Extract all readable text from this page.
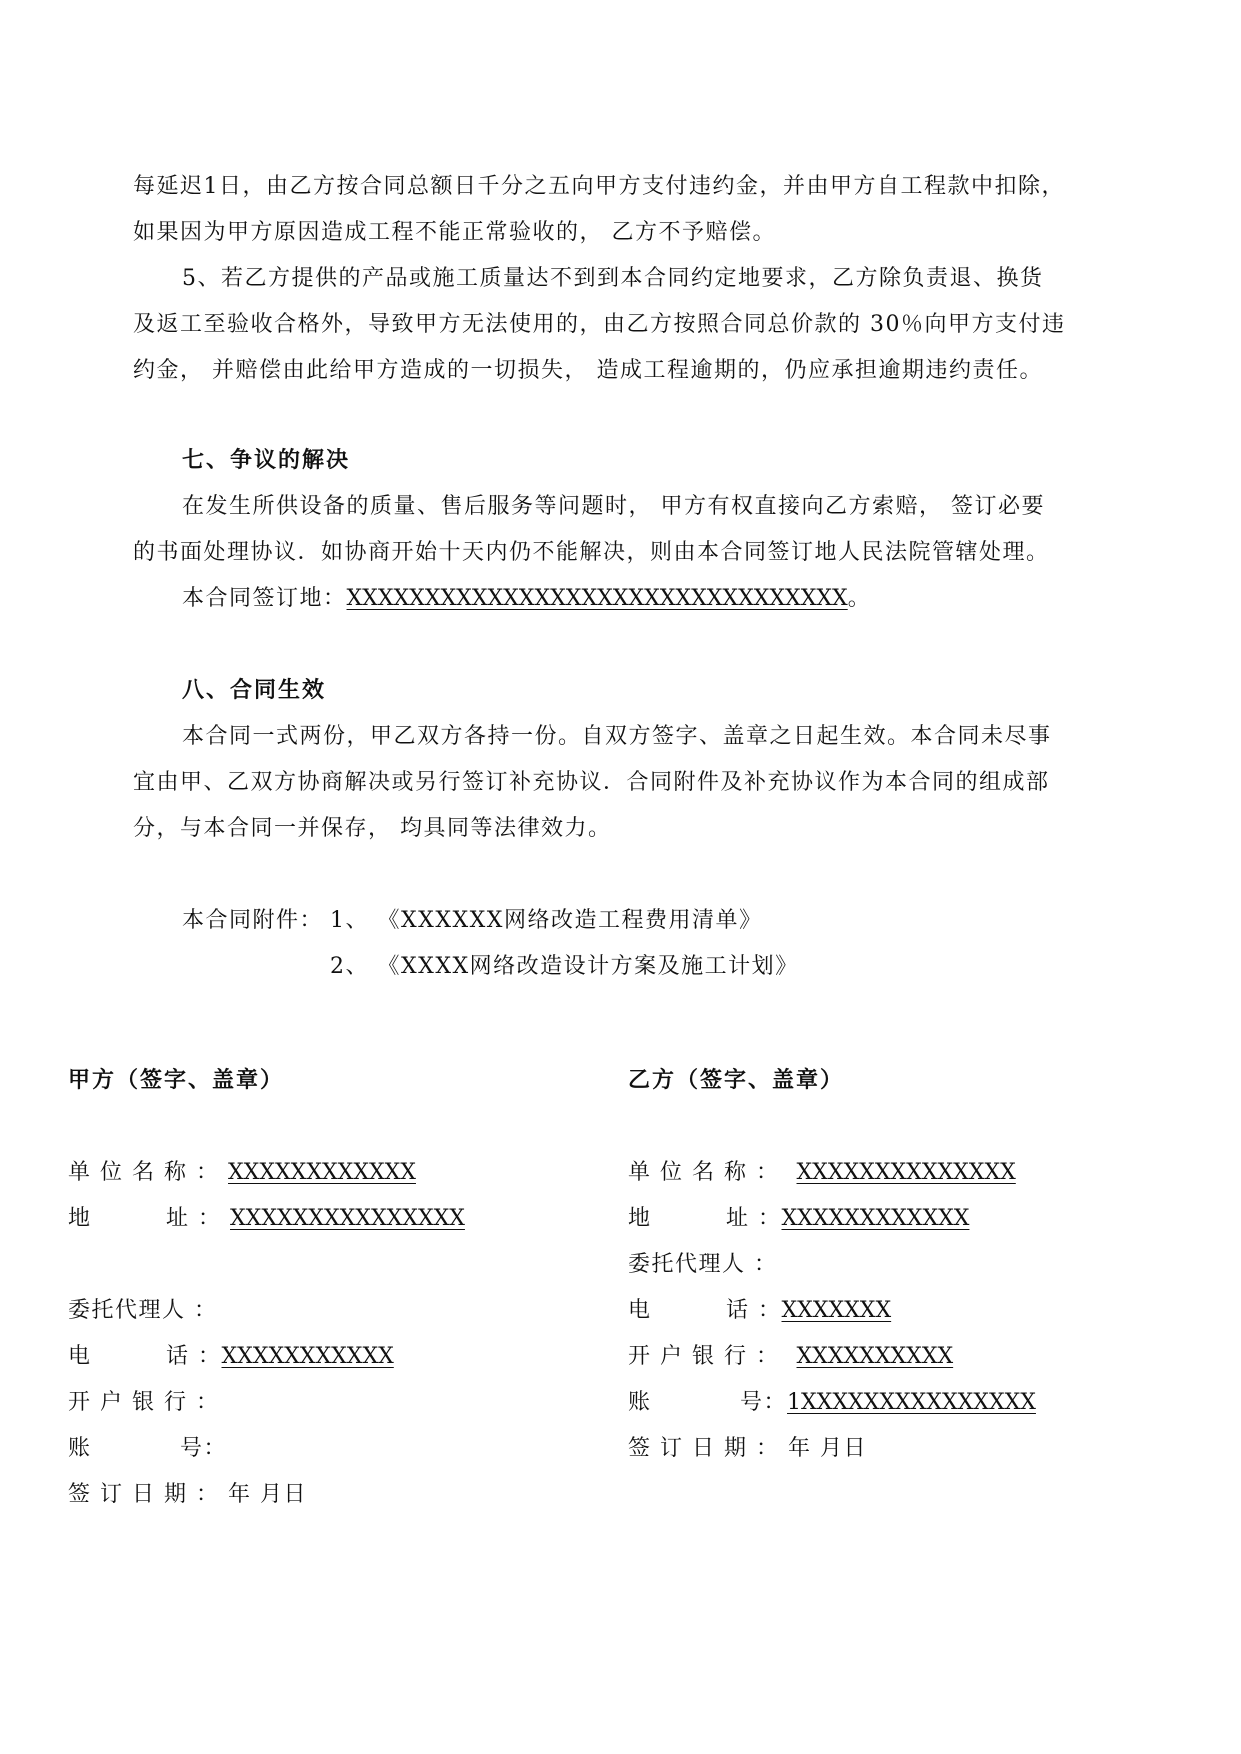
每延迟1日，由乙方按合同总额日千分之五向甲方支付违约金，并由甲方自工程款中扣除，
如果因为甲方原因造成工程不能正常验收的， 乙方不予赔偿。
5、若乙方提供的产品或施工质量达不到到本合同约定地要求，乙方除负责退、换货
及返工至验收合格外，导致甲方无法使用的，由乙方按照合同总价款的 30％向甲方支付违
约金， 并赔偿由此给甲方造成的一切损失， 造成工程逾期的，仍应承担逾期违约责任。
七、争议的解决
在发生所供设备的质量、售后服务等问题时， 甲方有权直接向乙方索赔， 签订必要
的书面处理协议．如协商开始十天内仍不能解决，则由本合同签订地人民法院管辖处理。
本合同签订地：XXXXXXXXXXXXXXXXXXXXXXXXXXXXXXXX。
八、合同生效
本合同一式两份，甲乙双方各持一份。自双方签字、盖章之日起生效。本合同未尽事
宜由甲、乙双方协商解决或另行签订补充协议．合同附件及补充协议作为本合同的组成部
分，与本合同一并保存， 均具同等法律效力。
本合同附件： 1、 《XXXXXX网络改造工程费用清单》
2、 《XXXX网络改造设计方案及施工计划》
甲方（签字、盖章）
单位名称：XXXXXXXXXXXX
地	址 ： XXXXXXXXXXXXXXX
委托代理人 ：
电	话 ：XXXXXXXXXXX
开户银行：
账	号：
签订日期：年 月日
乙方（签字、盖章）
单位名称： XXXXXXXXXXXXXX
地	址 ：XXXXXXXXXXXX
委托代理人 ：
电	话 ：XXXXXXX
开户银行： XXXXXXXXXX
账	号：1XXXXXXXXXXXXXXX
签订日期：年 月日
